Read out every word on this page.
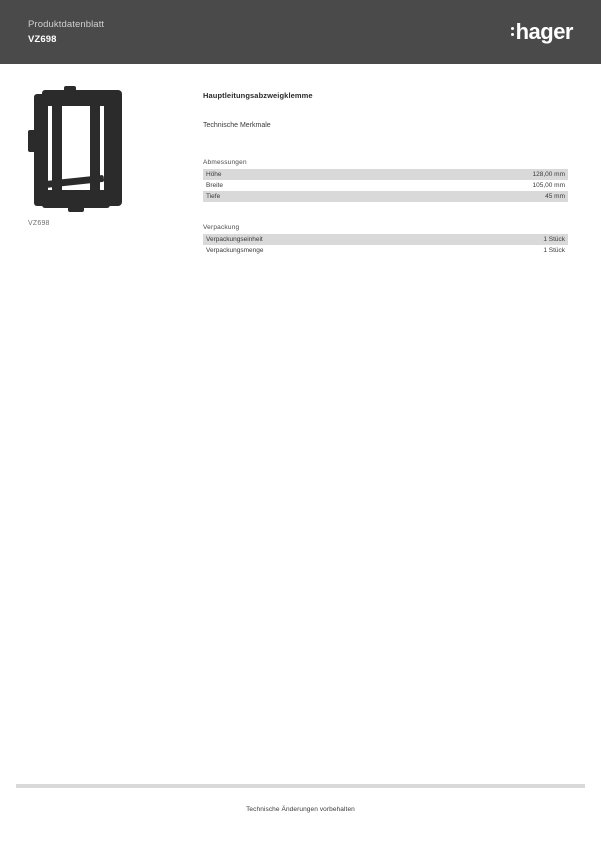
Produktdatenblatt
VZ698	hager
VZ698
Hauptleitungsabzweigklemme

Technische Merkmale

Abmessungen
Höhe	128,00 mm
Breite	105,00 mm
Tiefe	45 mm
Verpackung
Verpackungseinheit	1 Stück
Verpackungsmenge	1 Stück
Technische Änderungen vorbehalten
